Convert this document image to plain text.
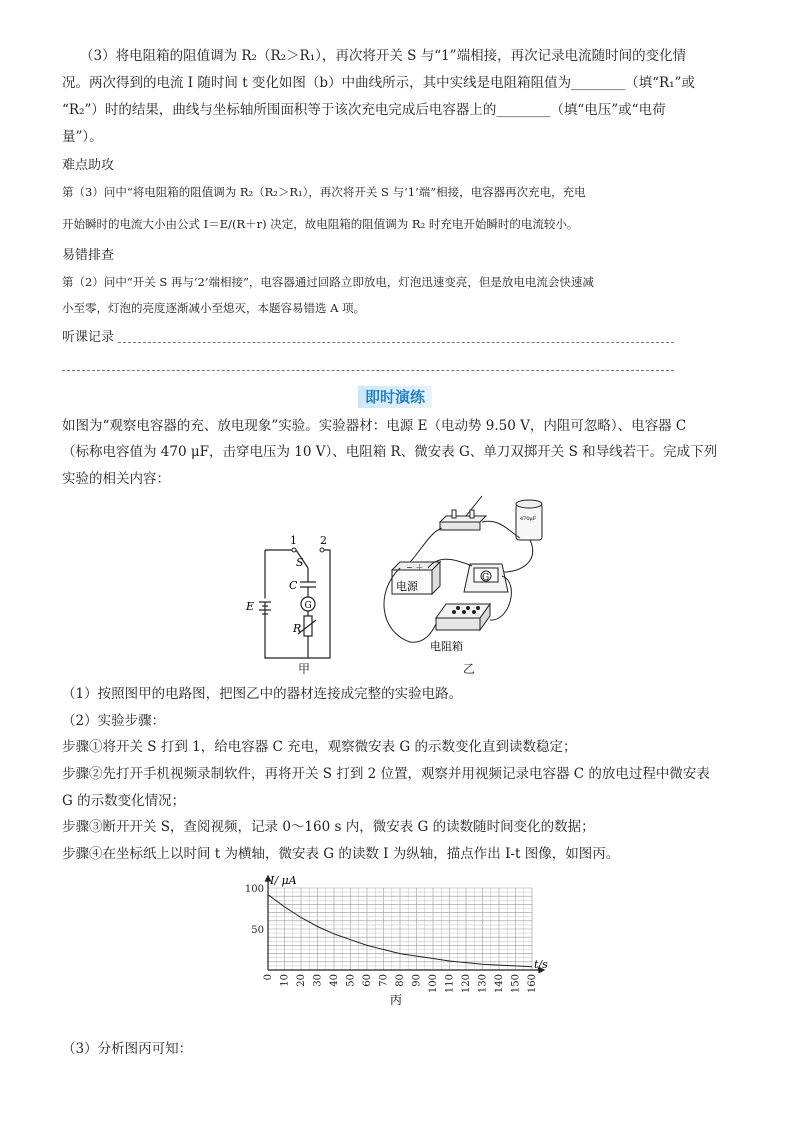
（3）将电阻箱的阻值调为 R₂（R₂＞R₁），再次将开关 S 与“1”端相接，再次记录电流随时间的变化情
况。两次得到的电流 I 随时间 t 变化如图（b）中曲线所示，其中实线是电阻箱阻值为________（填“R₁”或
“R₂”）时的结果，曲线与坐标轴所围面积等于该次充电完成后电容器上的________（填“电压”或“电荷
量”）。
难点助攻
第（3）问中“将电阻箱的阻值调为 R₂（R₂＞R₁），再次将开关 S 与‘1’端”相接，电容器再次充电，充电
开始瞬时的电流大小由公式 I＝E/(R＋r) 决定，故电阻箱的阻值调为 R₂ 时充电开始瞬时的电流较小。
易错排查
第（2）问中“开关 S 再与‘2’端相接”，电容器通过回路立即放电，灯泡迅速变亮，但是放电电流会快速减
小至零，灯泡的亮度逐渐减小至熄灭，本题容易错选 A 项。
听课记录
即时演练
如图为“观察电容器的充、放电现象”实验。实验器材：电源 E（电动势 9.50 V，内阻可忽略）、电容器 C
（标称电容值为 470 μF，击穿电压为 10 V）、电阻箱 R、微安表 G、单刀双掷开关 S 和导线若干。完成下列
实验的相关内容：
1 2
S
C
G
E
R
甲
− ＋
电源
G
470μF
电阻箱
乙
（1）按照图甲的电路图，把图乙中的器材连接成完整的实验电路。
（2）实验步骤：
步骤①将开关 S 打到 1，给电容器 C 充电，观察微安表 G 的示数变化直到读数稳定；
步骤②先打开手机视频录制软件，再将开关 S 打到 2 位置，观察并用视频记录电容器 C 的放电过程中微安表
G 的示数变化情况；
步骤③断开开关 S，查阅视频，记录 0～160 s 内，微安表 G 的读数随时间变化的数据；
步骤④在坐标纸上以时间 t 为横轴，微安表 G 的读数 I 为纵轴，描点作出 I-t 图像，如图丙。
0 10 20 30 40 50 60 70 80 90 100 110 120 130 140 150 160
50
100
I/ μA
t/s
丙
（3）分析图丙可知：
